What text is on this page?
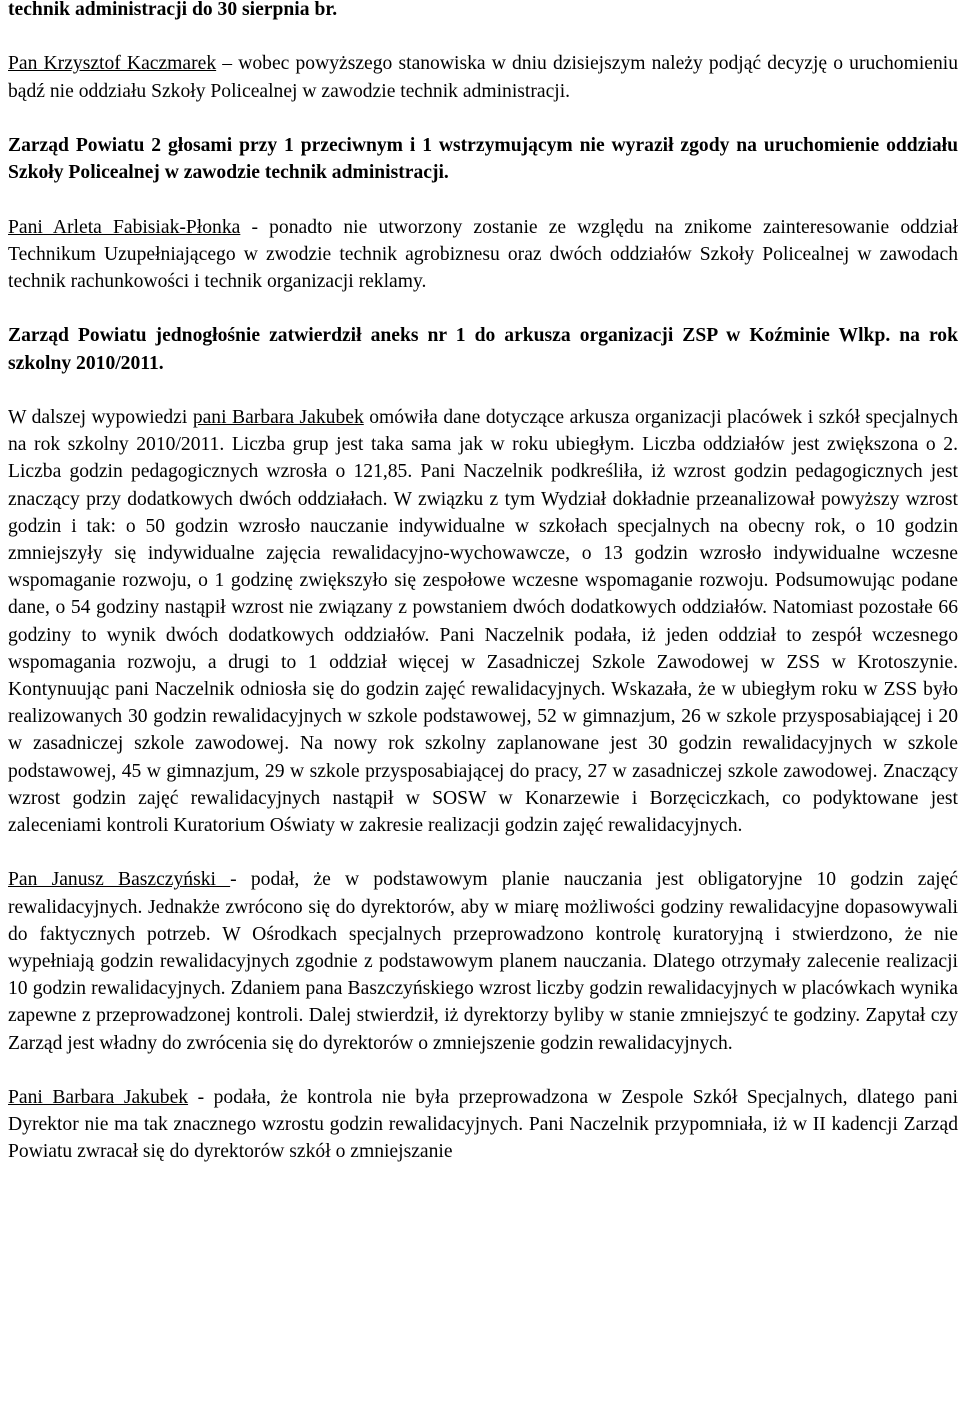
technik administracji do 30 sierpnia br.

Pan Krzysztof Kaczmarek – wobec powyższego stanowiska w dniu dzisiejszym należy podjąć decyzję o uruchomieniu bądź nie oddziału Szkoły Policealnej w zawodzie technik administracji.

Zarząd Powiatu 2 głosami przy 1 przeciwnym i 1 wstrzymującym nie wyraził zgody na uruchomienie oddziału Szkoły Policealnej w zawodzie technik administracji.

Pani Arleta Fabisiak-Płonka - ponadto nie utworzony zostanie ze względu na znikome zainteresowanie oddział Technikum Uzupełniającego w zwodzie technik agrobiznesu oraz dwóch oddziałów Szkoły Policealnej w zawodach technik rachunkowości i technik organizacji reklamy.

Zarząd Powiatu jednogłośnie zatwierdził aneks nr 1 do arkusza organizacji ZSP w Koźminie Wlkp. na rok szkolny 2010/2011.

W dalszej wypowiedzi pani Barbara Jakubek omówiła dane dotyczące arkusza organizacji placówek i szkół specjalnych na rok szkolny 2010/2011. Liczba grup jest taka sama jak w roku ubiegłym. Liczba oddziałów jest zwiększona o 2. Liczba godzin pedagogicznych wzrosła o 121,85. Pani Naczelnik podkreśliła, iż wzrost godzin pedagogicznych jest znaczący przy dodatkowych dwóch oddziałach. W związku z tym Wydział dokładnie przeanalizował powyższy wzrost godzin i tak: o 50 godzin wzrosło nauczanie indywidualne w szkołach specjalnych na obecny rok, o 10 godzin zmniejszyły się indywidualne zajęcia rewalidacyjno-wychowawcze, o 13 godzin wzrosło indywidualne wczesne wspomaganie rozwoju, o 1 godzinę zwiększyło się zespołowe wczesne wspomaganie rozwoju. Podsumowując podane dane, o 54 godziny nastąpił wzrost nie związany z powstaniem dwóch dodatkowych oddziałów. Natomiast pozostałe 66 godziny to wynik dwóch dodatkowych oddziałów. Pani Naczelnik podała, iż jeden oddział to zespół wczesnego wspomagania rozwoju, a drugi to 1 oddział więcej w Zasadniczej Szkole Zawodowej w ZSS w Krotoszynie. Kontynuując pani Naczelnik odniosła się do godzin zajęć rewalidacyjnych. Wskazała, że w ubiegłym roku w ZSS było realizowanych 30 godzin rewalidacyjnych w szkole podstawowej, 52 w gimnazjum, 26 w szkole przysposabiającej i 20 w zasadniczej szkole zawodowej. Na nowy rok szkolny zaplanowane jest 30 godzin rewalidacyjnych w szkole podstawowej, 45 w gimnazjum, 29 w szkole przysposabiającej do pracy, 27 w zasadniczej szkole zawodowej. Znaczący wzrost godzin zajęć rewalidacyjnych nastąpił w SOSW w Konarzewie i Borzęciczkach, co podyktowane jest zaleceniami kontroli Kuratorium Oświaty w zakresie realizacji godzin zajęć rewalidacyjnych.

Pan Janusz Baszczyński - podał, że w podstawowym planie nauczania jest obligatoryjne 10 godzin zajęć rewalidacyjnych. Jednakże zwrócono się do dyrektorów, aby w miarę możliwości godziny rewalidacyjne dopasowywali do faktycznych potrzeb. W Ośrodkach specjalnych przeprowadzono kontrolę kuratoryjną i stwierdzono, że nie wypełniają godzin rewalidacyjnych zgodnie z podstawowym planem nauczania. Dlatego otrzymały zalecenie realizacji 10 godzin rewalidacyjnych. Zdaniem pana Baszczyńskiego wzrost liczby godzin rewalidacyjnych w placówkach wynika zapewne z przeprowadzonej kontroli. Dalej stwierdził, iż dyrektorzy byliby w stanie zmniejszyć te godziny. Zapytał czy Zarząd jest władny do zwrócenia się do dyrektorów o zmniejszenie godzin rewalidacyjnych.

Pani Barbara Jakubek - podała, że kontrola nie była przeprowadzona w Zespole Szkół Specjalnych, dlatego pani Dyrektor nie ma tak znacznego wzrostu godzin rewalidacyjnych. Pani Naczelnik przypomniała, iż w II kadencji Zarząd Powiatu zwracał się do dyrektorów szkół o zmniejszanie
